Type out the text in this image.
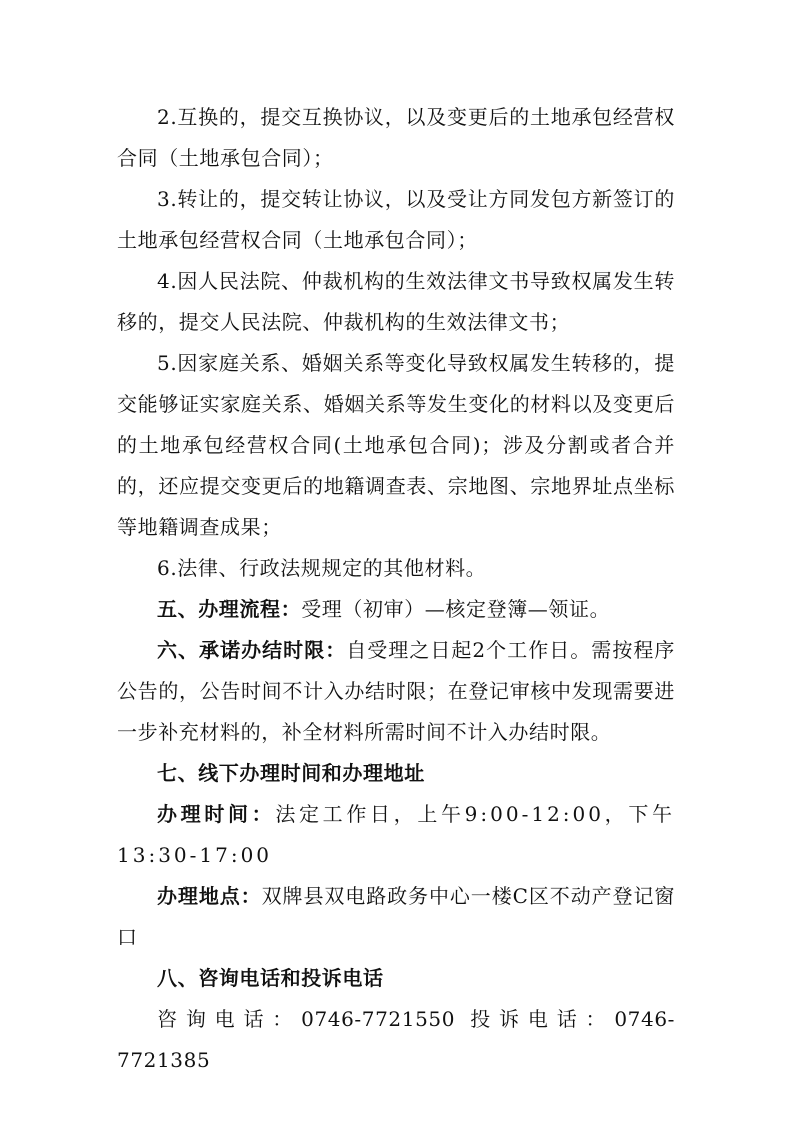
2.互换的，提交互换协议，以及变更后的土地承包经营权合同（土地承包合同）；

3.转让的，提交转让协议，以及受让方同发包方新签订的土地承包经营权合同（土地承包合同）；

4.因人民法院、仲裁机构的生效法律文书导致权属发生转移的，提交人民法院、仲裁机构的生效法律文书；

5.因家庭关系、婚姻关系等变化导致权属发生转移的，提交能够证实家庭关系、婚姻关系等发生变化的材料以及变更后的土地承包经营权合同(土地承包合同)；涉及分割或者合并的，还应提交变更后的地籍调查表、宗地图、宗地界址点坐标等地籍调查成果；

6.法律、行政法规规定的其他材料。

五、办理流程：受理（初审）—核定登簿—领证。

六、承诺办结时限：自受理之日起2个工作日。需按程序公告的，公告时间不计入办结时限；在登记审核中发现需要进一步补充材料的，补全材料所需时间不计入办结时限。

七、线下办理时间和办理地址

办理时间：法定工作日，上午9:00-12:00，下午13:30-17:00

办理地点：双牌县双电路政务中心一楼C区不动产登记窗口

八、咨询电话和投诉电话

咨询电话：0746-7721550 投诉电话：0746-7721385
